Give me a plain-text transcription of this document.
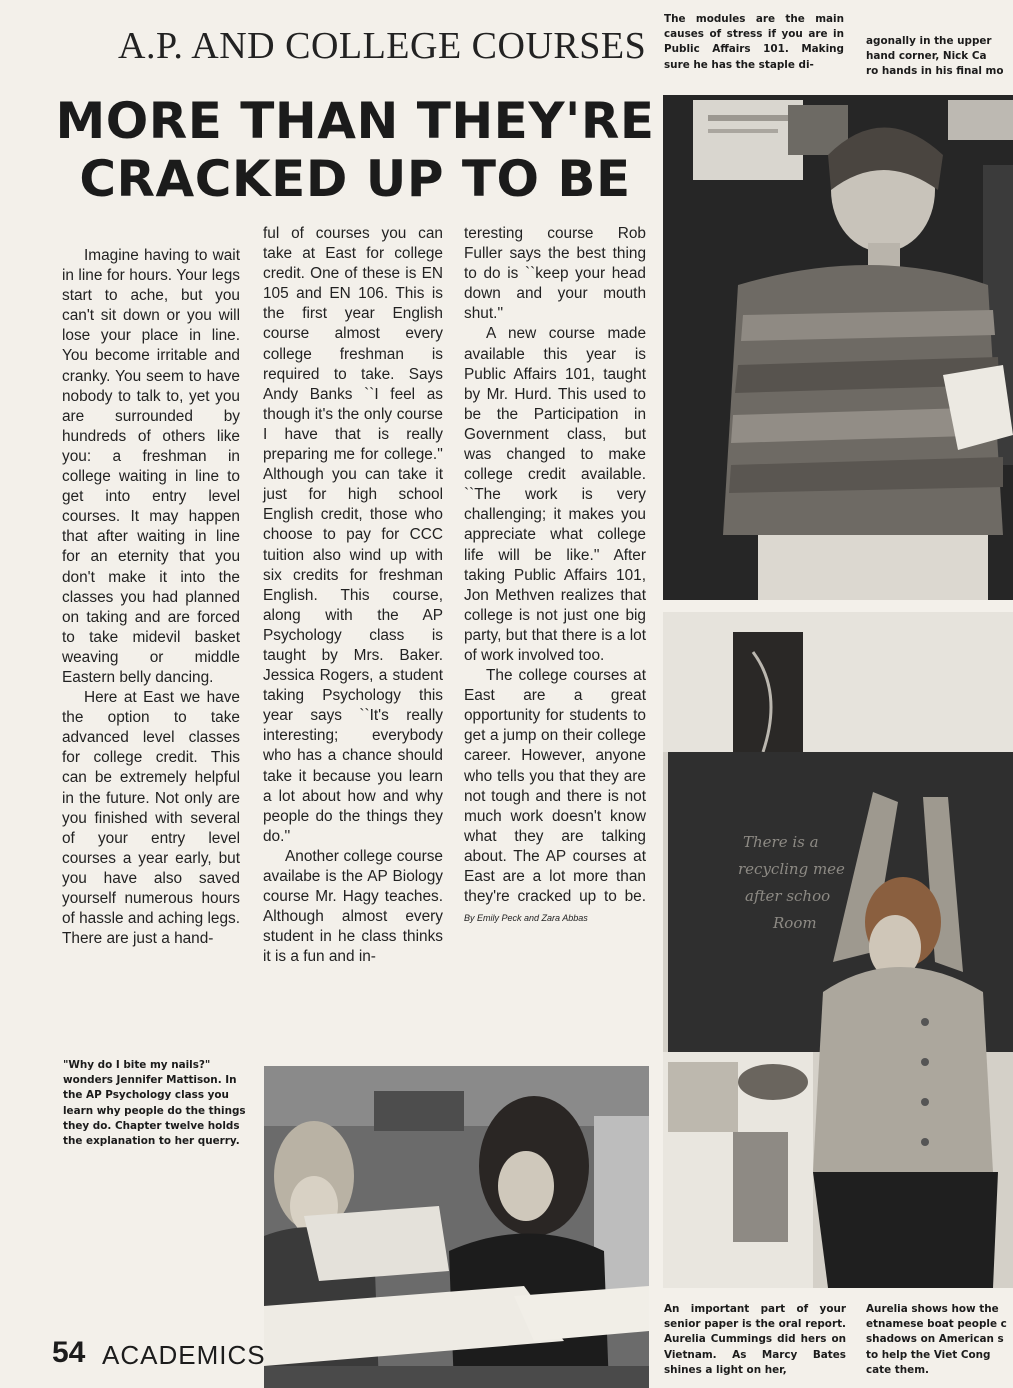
A.P. AND COLLEGE COURSES
MORE THAN THEY'RE
CRACKED UP TO BE

Imagine having to wait in line for hours. Your legs start to ache, but you can't sit down or you will lose your place in line. You become irritable and cranky. You seem to have nobody to talk to, yet you are surrounded by hundreds of others like you: a freshman in college waiting in line to get into entry level courses. It may happen that after waiting in line for an eternity that you don't make it into the classes you had planned on taking and are forced to take midevil basket weaving or middle Eastern belly dancing.

Here at East we have the option to take advanced level classes for college credit. This can be extremely helpful in the future. Not only are you finished with several of your entry level courses a year early, but you have also saved yourself numerous hours of hassle and aching legs. There are just a hand-

ful of courses you can take at East for college credit. One of these is EN 105 and EN 106. This is the first year English course almost every college freshman is required to take. Says Andy Banks ``I feel as though it's the only course I have that is really preparing me for college.'' Although you can take it just for high school English credit, those who choose to pay for CCC tuition also wind up with six credits for freshman English. This course, along with the AP Psychology class is taught by Mrs. Baker. Jessica Rogers, a student taking Psychology this year says ``It's really interesting; everybody who has a chance should take it because you learn a lot about how and why people do the things they do.''

Another college course availabe is the AP Biology course Mr. Hagy teaches. Although almost every student in he class thinks it is a fun and in-

teresting course Rob Fuller says the best thing to do is ``keep your head down and your mouth shut.''

A new course made available this year is Public Affairs 101, taught by Mr. Hurd. This used to be the Participation in Government class, but was changed to make college credit available. ``The work is very challenging; it makes you appreciate what college life will be like.'' After taking Public Affairs 101, Jon Methven realizes that college is not just one big party, but that there is a lot of work involved too.

The college courses at East are a great opportunity for students to get a jump on their college career. However, anyone who tells you that they are not tough and there is not much work doesn't know what they are talking about. The AP courses at East are a lot more than they're cracked up to be. By Emily Peck and Zara Abbas

The modules are the main causes of stress if you are in Public Affairs 101. Making sure he has the staple di-
agonally in the upper
hand corner, Nick Ca
ro hands in his final mo
"Why do I bite my nails?" wonders Jennifer Mattison. In the AP Psychology class you learn why people do the things they do. Chapter twelve holds the explanation to her querry.
An important part of your senior paper is the oral report. Aurelia Cummings did hers on Vietnam. As Marcy Bates shines a light on her,
Aurelia shows how the
etnamese boat people c
shadows on American s
to help the Viet Cong
cate them.
There is a
recycling mee
after schoo
Room
54 ACADEMICS
